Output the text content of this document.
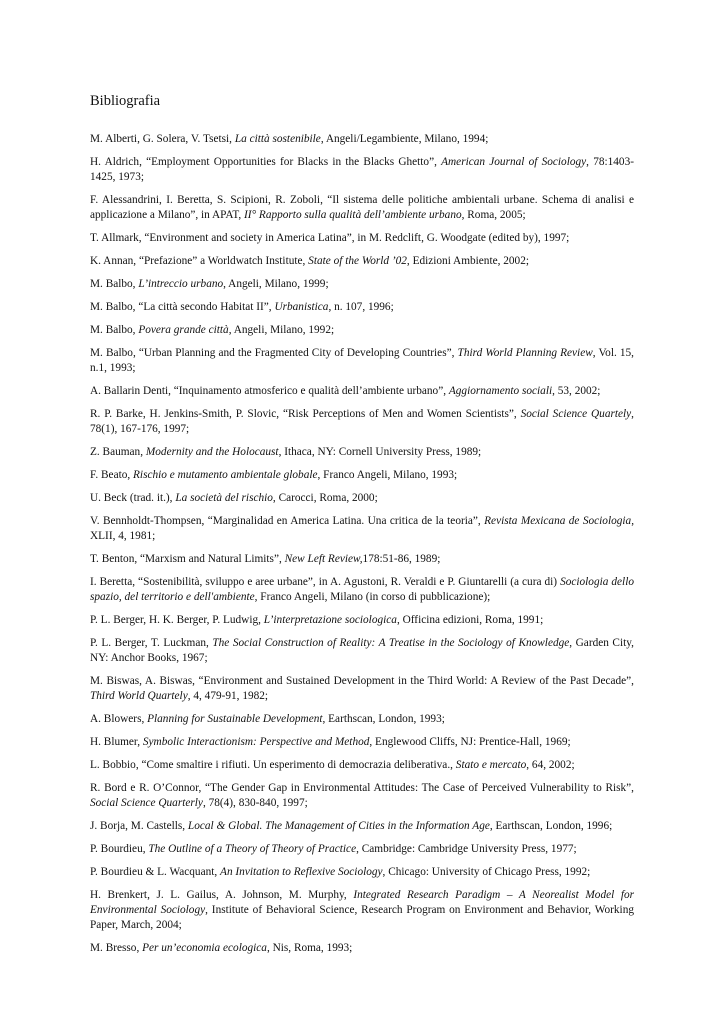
Bibliografia

M. Alberti, G. Solera, V. Tsetsi, La città sostenibile, Angeli/Legambiente, Milano, 1994;

H. Aldrich, “Employment Opportunities for Blacks in the Blacks Ghetto”, American Journal of Sociology, 78:1403-1425, 1973;

F. Alessandrini, I. Beretta, S. Scipioni, R. Zoboli, “Il sistema delle politiche ambientali urbane. Schema di analisi e applicazione a Milano”, in APAT, II° Rapporto sulla qualità dell’ambiente urbano, Roma, 2005;

T. Allmark, “Environment and society in America Latina”, in M. Redclift, G. Woodgate (edited by), 1997;

K. Annan, “Prefazione” a Worldwatch Institute, State of the World ’02, Edizioni Ambiente, 2002;

M. Balbo, L’intreccio urbano, Angeli, Milano, 1999;

M. Balbo, “La città secondo Habitat II”, Urbanistica, n. 107, 1996;

M. Balbo, Povera grande città, Angeli, Milano, 1992;

M. Balbo, “Urban Planning and the Fragmented City of Developing Countries”, Third World Planning Review, Vol. 15, n.1, 1993;

A. Ballarin Denti, “Inquinamento atmosferico e qualità dell’ambiente urbano”, Aggiornamento sociali, 53, 2002;

R. P. Barke, H. Jenkins-Smith, P. Slovic, “Risk Perceptions of Men and Women Scientists”, Social Science Quartely, 78(1), 167-176, 1997;

Z. Bauman, Modernity and the Holocaust, Ithaca, NY: Cornell University Press, 1989;

F. Beato, Rischio e mutamento ambientale globale, Franco Angeli, Milano, 1993;

U. Beck (trad. it.), La società del rischio, Carocci, Roma, 2000;

V. Bennholdt-Thompsen, “Marginalidad en America Latina. Una critica de la teoria”, Revista Mexicana de Sociologia, XLII, 4, 1981;

T. Benton, “Marxism and Natural Limits”, New Left Review,178:51-86, 1989;

I. Beretta, “Sostenibilità, sviluppo e aree urbane”, in A. Agustoni, R. Veraldi e P. Giuntarelli (a cura di) Sociologia dello spazio, del territorio e dell'ambiente, Franco Angeli, Milano (in corso di pubblicazione);

P. L. Berger, H. K. Berger, P. Ludwig, L’interpretazione sociologica, Officina edizioni, Roma, 1991;

P. L. Berger, T. Luckman, The Social Construction of Reality: A Treatise in the Sociology of Knowledge, Garden City, NY: Anchor Books, 1967;

M. Biswas, A. Biswas, “Environment and Sustained Development in the Third World: A Review of the Past Decade”, Third World Quartely, 4, 479-91, 1982;

A. Blowers, Planning for Sustainable Development, Earthscan, London, 1993;

H. Blumer, Symbolic Interactionism: Perspective and Method, Englewood Cliffs, NJ: Prentice-Hall, 1969;

L. Bobbio, “Come smaltire i rifiuti. Un esperimento di democrazia deliberativa., Stato e mercato, 64, 2002;

R. Bord e R. O’Connor, “The Gender Gap in Environmental Attitudes: The Case of Perceived Vulnerability to Risk”, Social Science Quarterly, 78(4), 830-840, 1997;

J. Borja, M. Castells, Local & Global. The Management of Cities in the Information Age, Earthscan, London, 1996;

P. Bourdieu, The Outline of a Theory of Theory of Practice, Cambridge: Cambridge University Press, 1977;

P. Bourdieu & L. Wacquant, An Invitation to Reflexive Sociology, Chicago: University of Chicago Press, 1992;

H. Brenkert, J. L. Gailus, A. Johnson, M. Murphy, Integrated Research Paradigm – A Neorealist Model for Environmental Sociology, Institute of Behavioral Science, Research Program on Environment and Behavior, Working Paper, March, 2004;

M. Bresso, Per un’economia ecologica, Nis, Roma, 1993;
